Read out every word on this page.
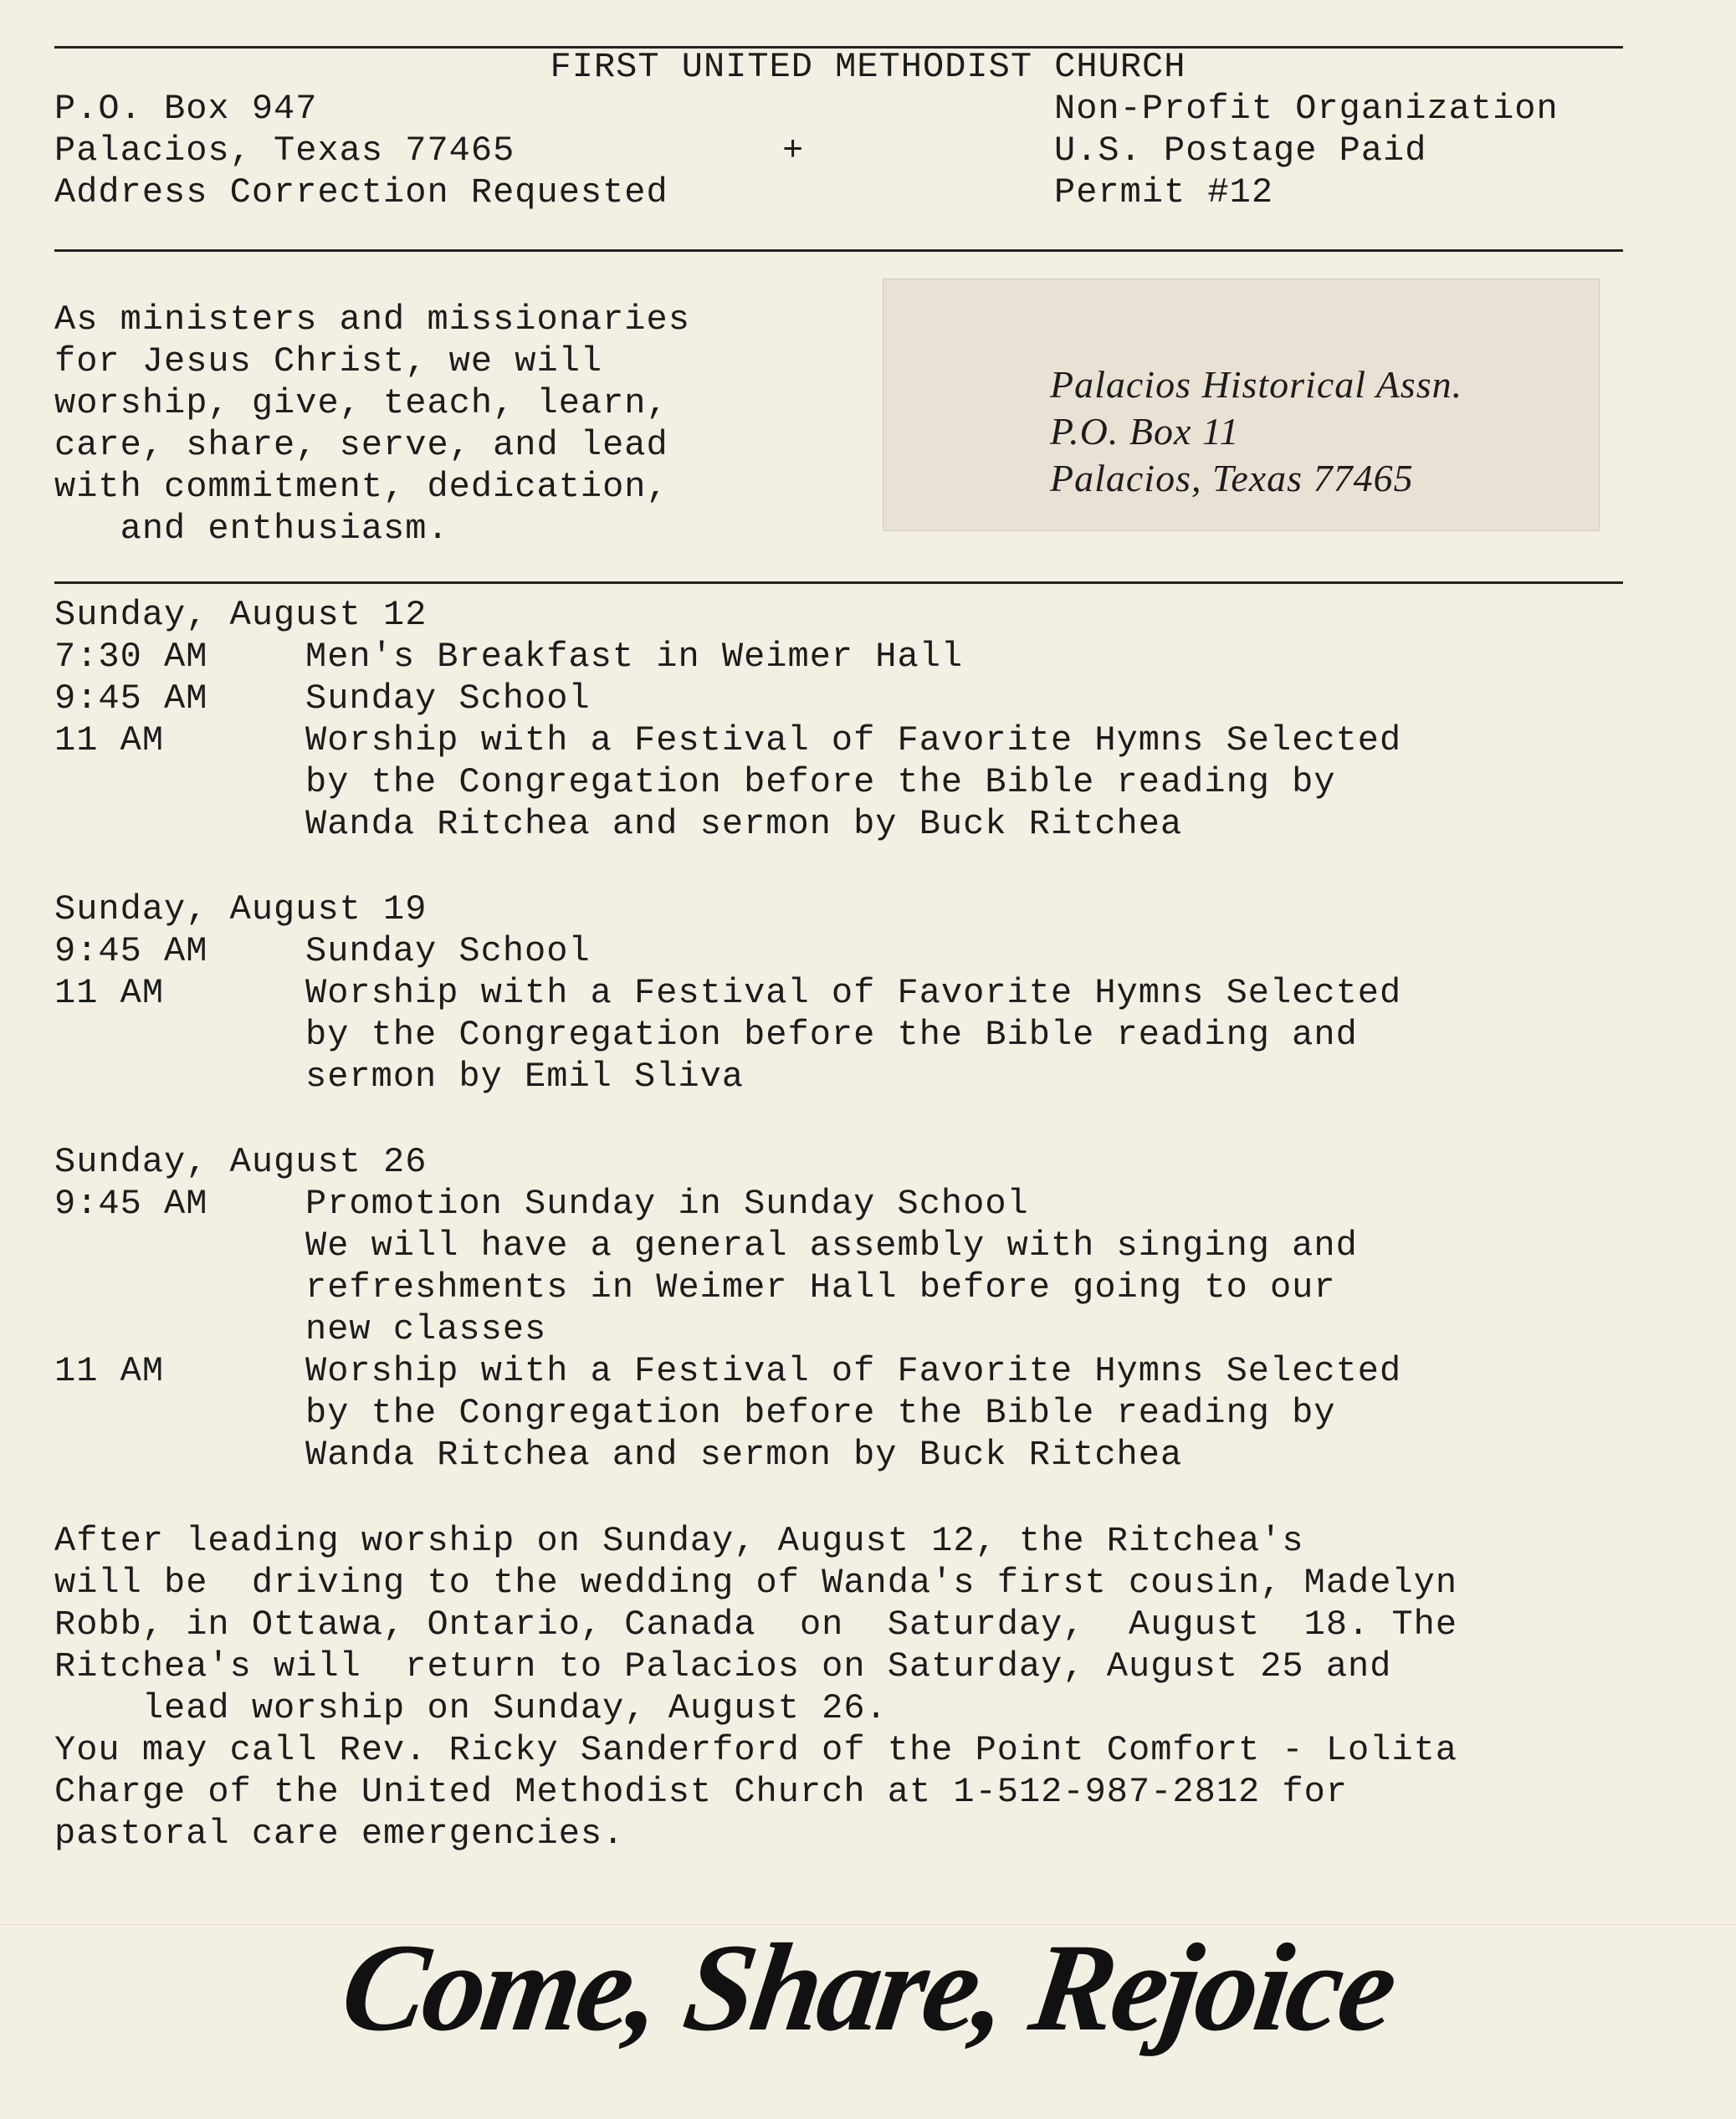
FIRST UNITED METHODIST CHURCH
P.O. Box 947
Palacios, Texas 77465
Address Correction Requested
+
Non-Profit Organization
U.S. Postage Paid
Permit #12
As ministers and missionaries
for Jesus Christ, we will
worship, give, teach, learn,
care, share, serve, and lead
with commitment, dedication,
and enthusiasm.
Palacios Historical Assn.
P.O. Box 11
Palacios, Texas 77465
Sunday, August 12
7:30 AM	Men's Breakfast in Weimer Hall
9:45 AM	Sunday School
11 AM	Worship with a Festival of Favorite Hymns Selected
by the Congregation before the Bible reading by
Wanda Ritchea and sermon by Buck Ritchea
Sunday, August 19
9:45 AM	Sunday School
11 AM	Worship with a Festival of Favorite Hymns Selected
by the Congregation before the Bible reading and
sermon by Emil Sliva
Sunday, August 26
9:45 AM	Promotion Sunday in Sunday School
We will have a general assembly with singing and
refreshments in Weimer Hall before going to our
new classes
11 AM	Worship with a Festival of Favorite Hymns Selected
by the Congregation before the Bible reading by
Wanda Ritchea and sermon by Buck Ritchea
After leading worship on Sunday, August 12, the Ritchea's
will be  driving to the wedding of Wanda's first cousin, Madelyn
Robb, in Ottawa, Ontario, Canada  on  Saturday,  August  18. The
Ritchea's will  return to Palacios on Saturday, August 25 and
lead worship on Sunday, August 26.
You may call Rev. Ricky Sanderford of the Point Comfort - Lolita
Charge of the United Methodist Church at 1-512-987-2812 for
pastoral care emergencies.
Come, Share, Rejoice
